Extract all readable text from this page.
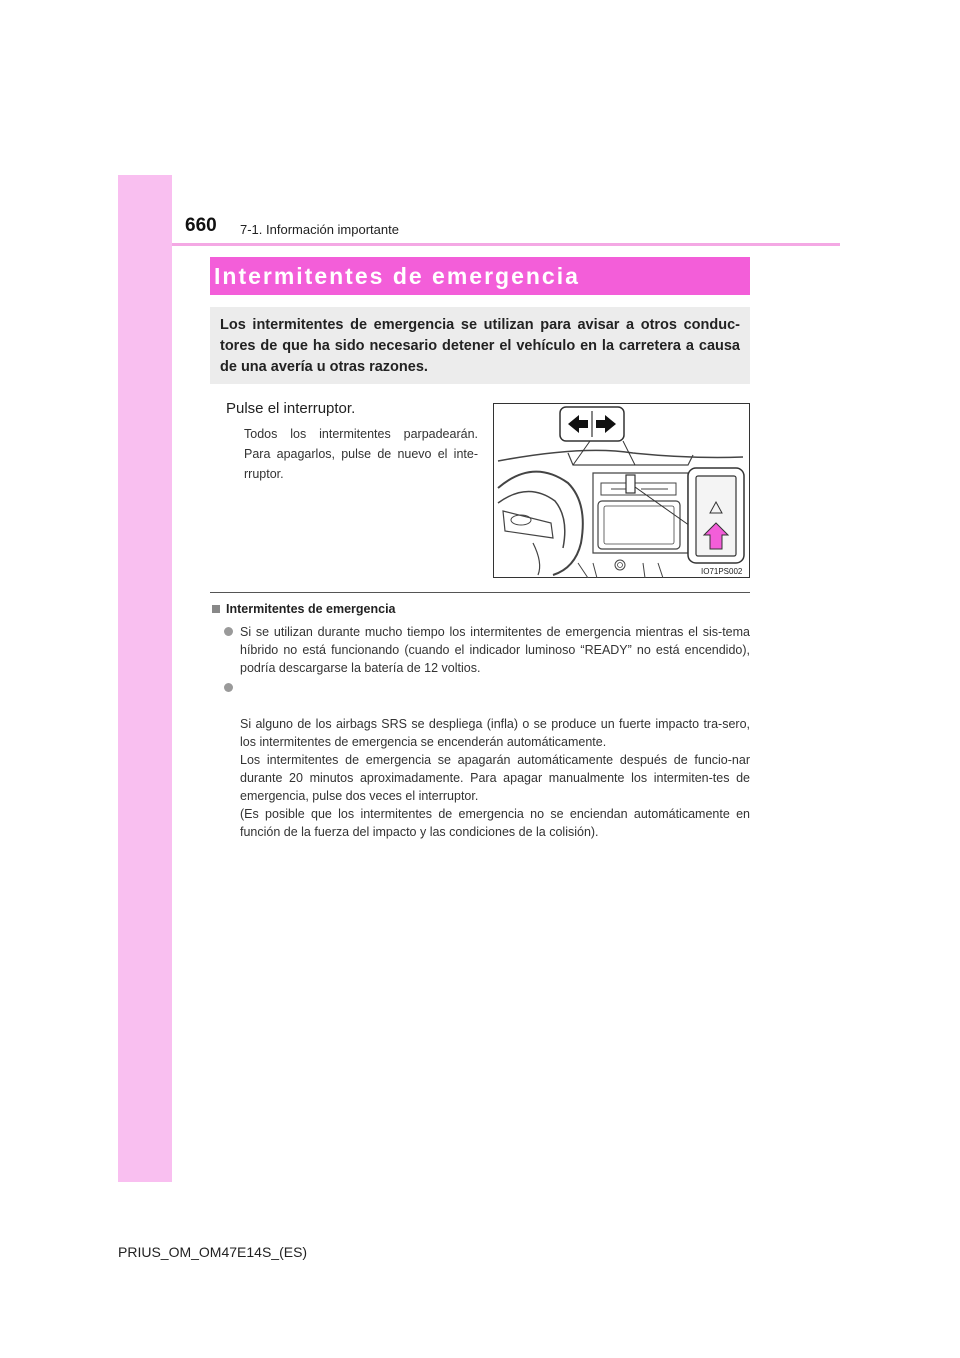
660 7-1. Información importante
Intermitentes de emergencia

Los intermitentes de emergencia se utilizan para avisar a otros conduc-tores de que ha sido necesario detener el vehículo en la carretera a causa de una avería u otras razones.

Pulse el interruptor.

Todos los intermitentes parpadearán. Para apagarlos, pulse de nuevo el inte-rruptor.

IO71PS002
Intermitentes de emergencia

Si se utilizan durante mucho tiempo los intermitentes de emergencia mientras el sis-tema híbrido no está funcionando (cuando el indicador luminoso “READY” no está encendido), podría descargarse la batería de 12 voltios.

Si alguno de los airbags SRS se despliega (infla) o se produce un fuerte impacto tra-sero, los intermitentes de emergencia se encenderán automáticamente.
Los intermitentes de emergencia se apagarán automáticamente después de funcio-nar durante 20 minutos aproximadamente. Para apagar manualmente los intermiten-tes de emergencia, pulse dos veces el interruptor.
(Es posible que los intermitentes de emergencia no se enciendan automáticamente en función de la fuerza del impacto y las condiciones de la colisión).

PRIUS_OM_OM47E14S_(ES)
